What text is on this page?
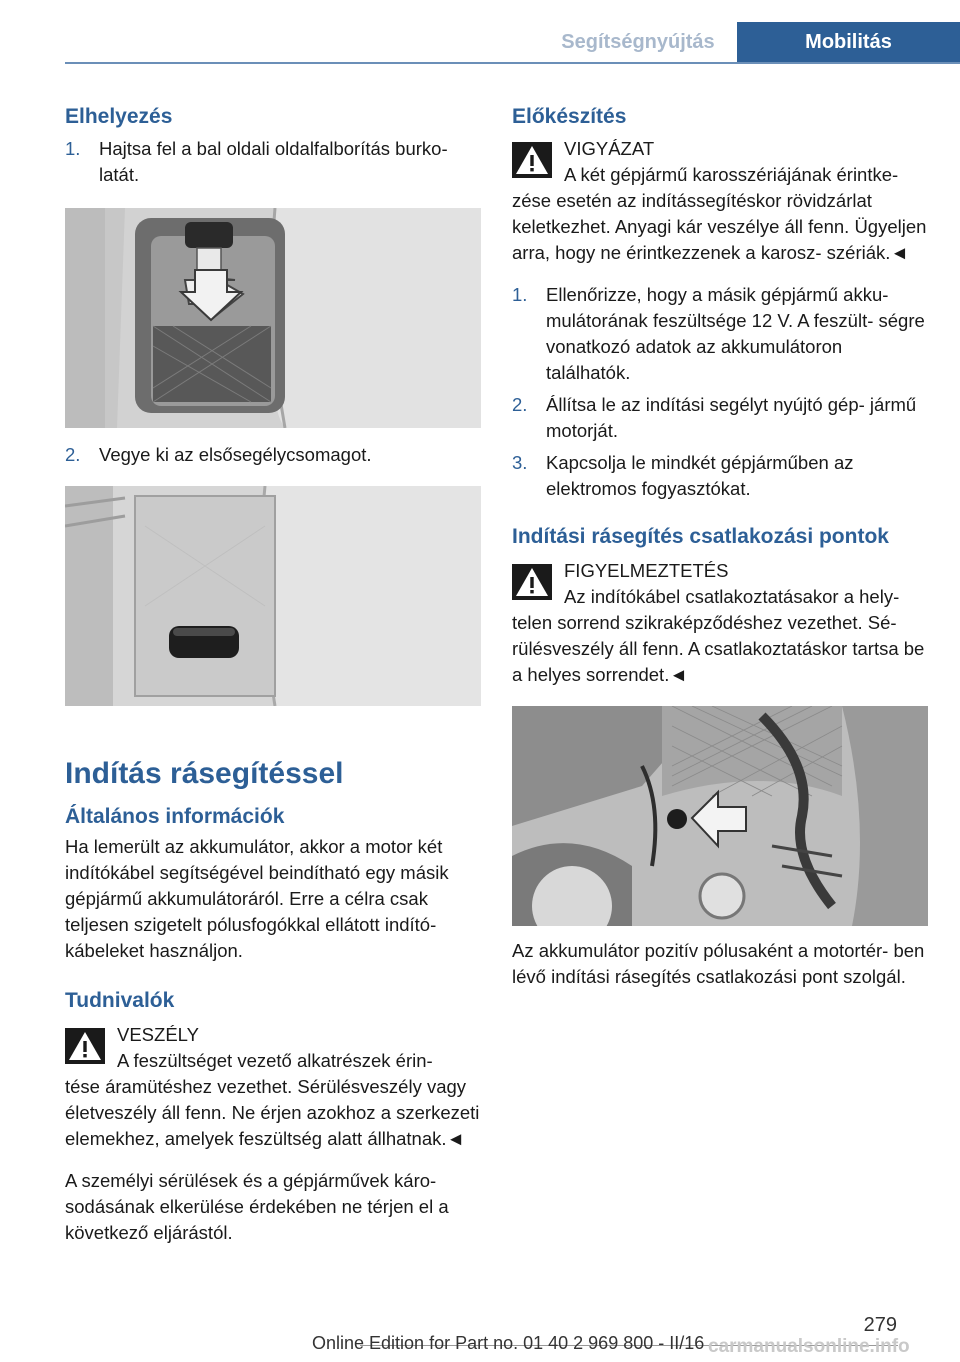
Segítségnyújtás	Mobilitás
Elhelyezés
1.	Hajtsa fel a bal oldali oldalfalborítás burko‐ latát.
2.	Vegye ki az elsősegélycsomagot.
Indítás rásegítéssel
Általános információk
Ha lemerült az akkumulátor, akkor a motor két indítókábel segítségével beindítható egy másik gépjármű akkumulátoráról. Erre a célra csak teljesen szigetelt pólusfogókkal ellátott indító‐ kábeleket használjon.
Tudnivalók
VESZÉLY
A feszültséget vezető alkatrészek érin‐
tése áramütéshez vezethet. Sérülésveszély vagy életveszély áll fenn. Ne érjen azokhoz a szerkezeti elemekhez, amelyek feszültség alatt állhatnak.◄
A személyi sérülések és a gépjárművek káro‐ sodásának elkerülése érdekében ne térjen el a következő eljárástól.
Előkészítés
VIGYÁZAT
A két gépjármű karosszériájának érintke‐
zése esetén az indítássegítéskor rövidzárlat keletkezhet. Anyagi kár veszélye áll fenn. Ügyeljen arra, hogy ne érintkezzenek a karosz‐ szériák.◄
1.	Ellenőrizze, hogy a másik gépjármű akku‐ mulátorának feszültsége 12 V. A feszült‐ ségre vonatkozó adatok az akkumulátoron találhatók.
2.	Állítsa le az indítási segélyt nyújtó gép‐ jármű motorját.
3.	Kapcsolja le mindkét gépjárműben az elektromos fogyasztókat.
Indítási rásegítés csatlakozási pontok
FIGYELMEZTETÉS
Az indítókábel csatlakoztatásakor a hely‐
telen sorrend szikraképződéshez vezethet. Sé‐ rülésveszély áll fenn. A csatlakoztatáskor tartsa be a helyes sorrendet.◄
Az akkumulátor pozitív pólusaként a motortér‐ ben lévő indítási rásegítés csatlakozási pont szolgál.
279
Online Edition for Part no. 01 40 2 969 800 - II/16 carmanualsonline.info
